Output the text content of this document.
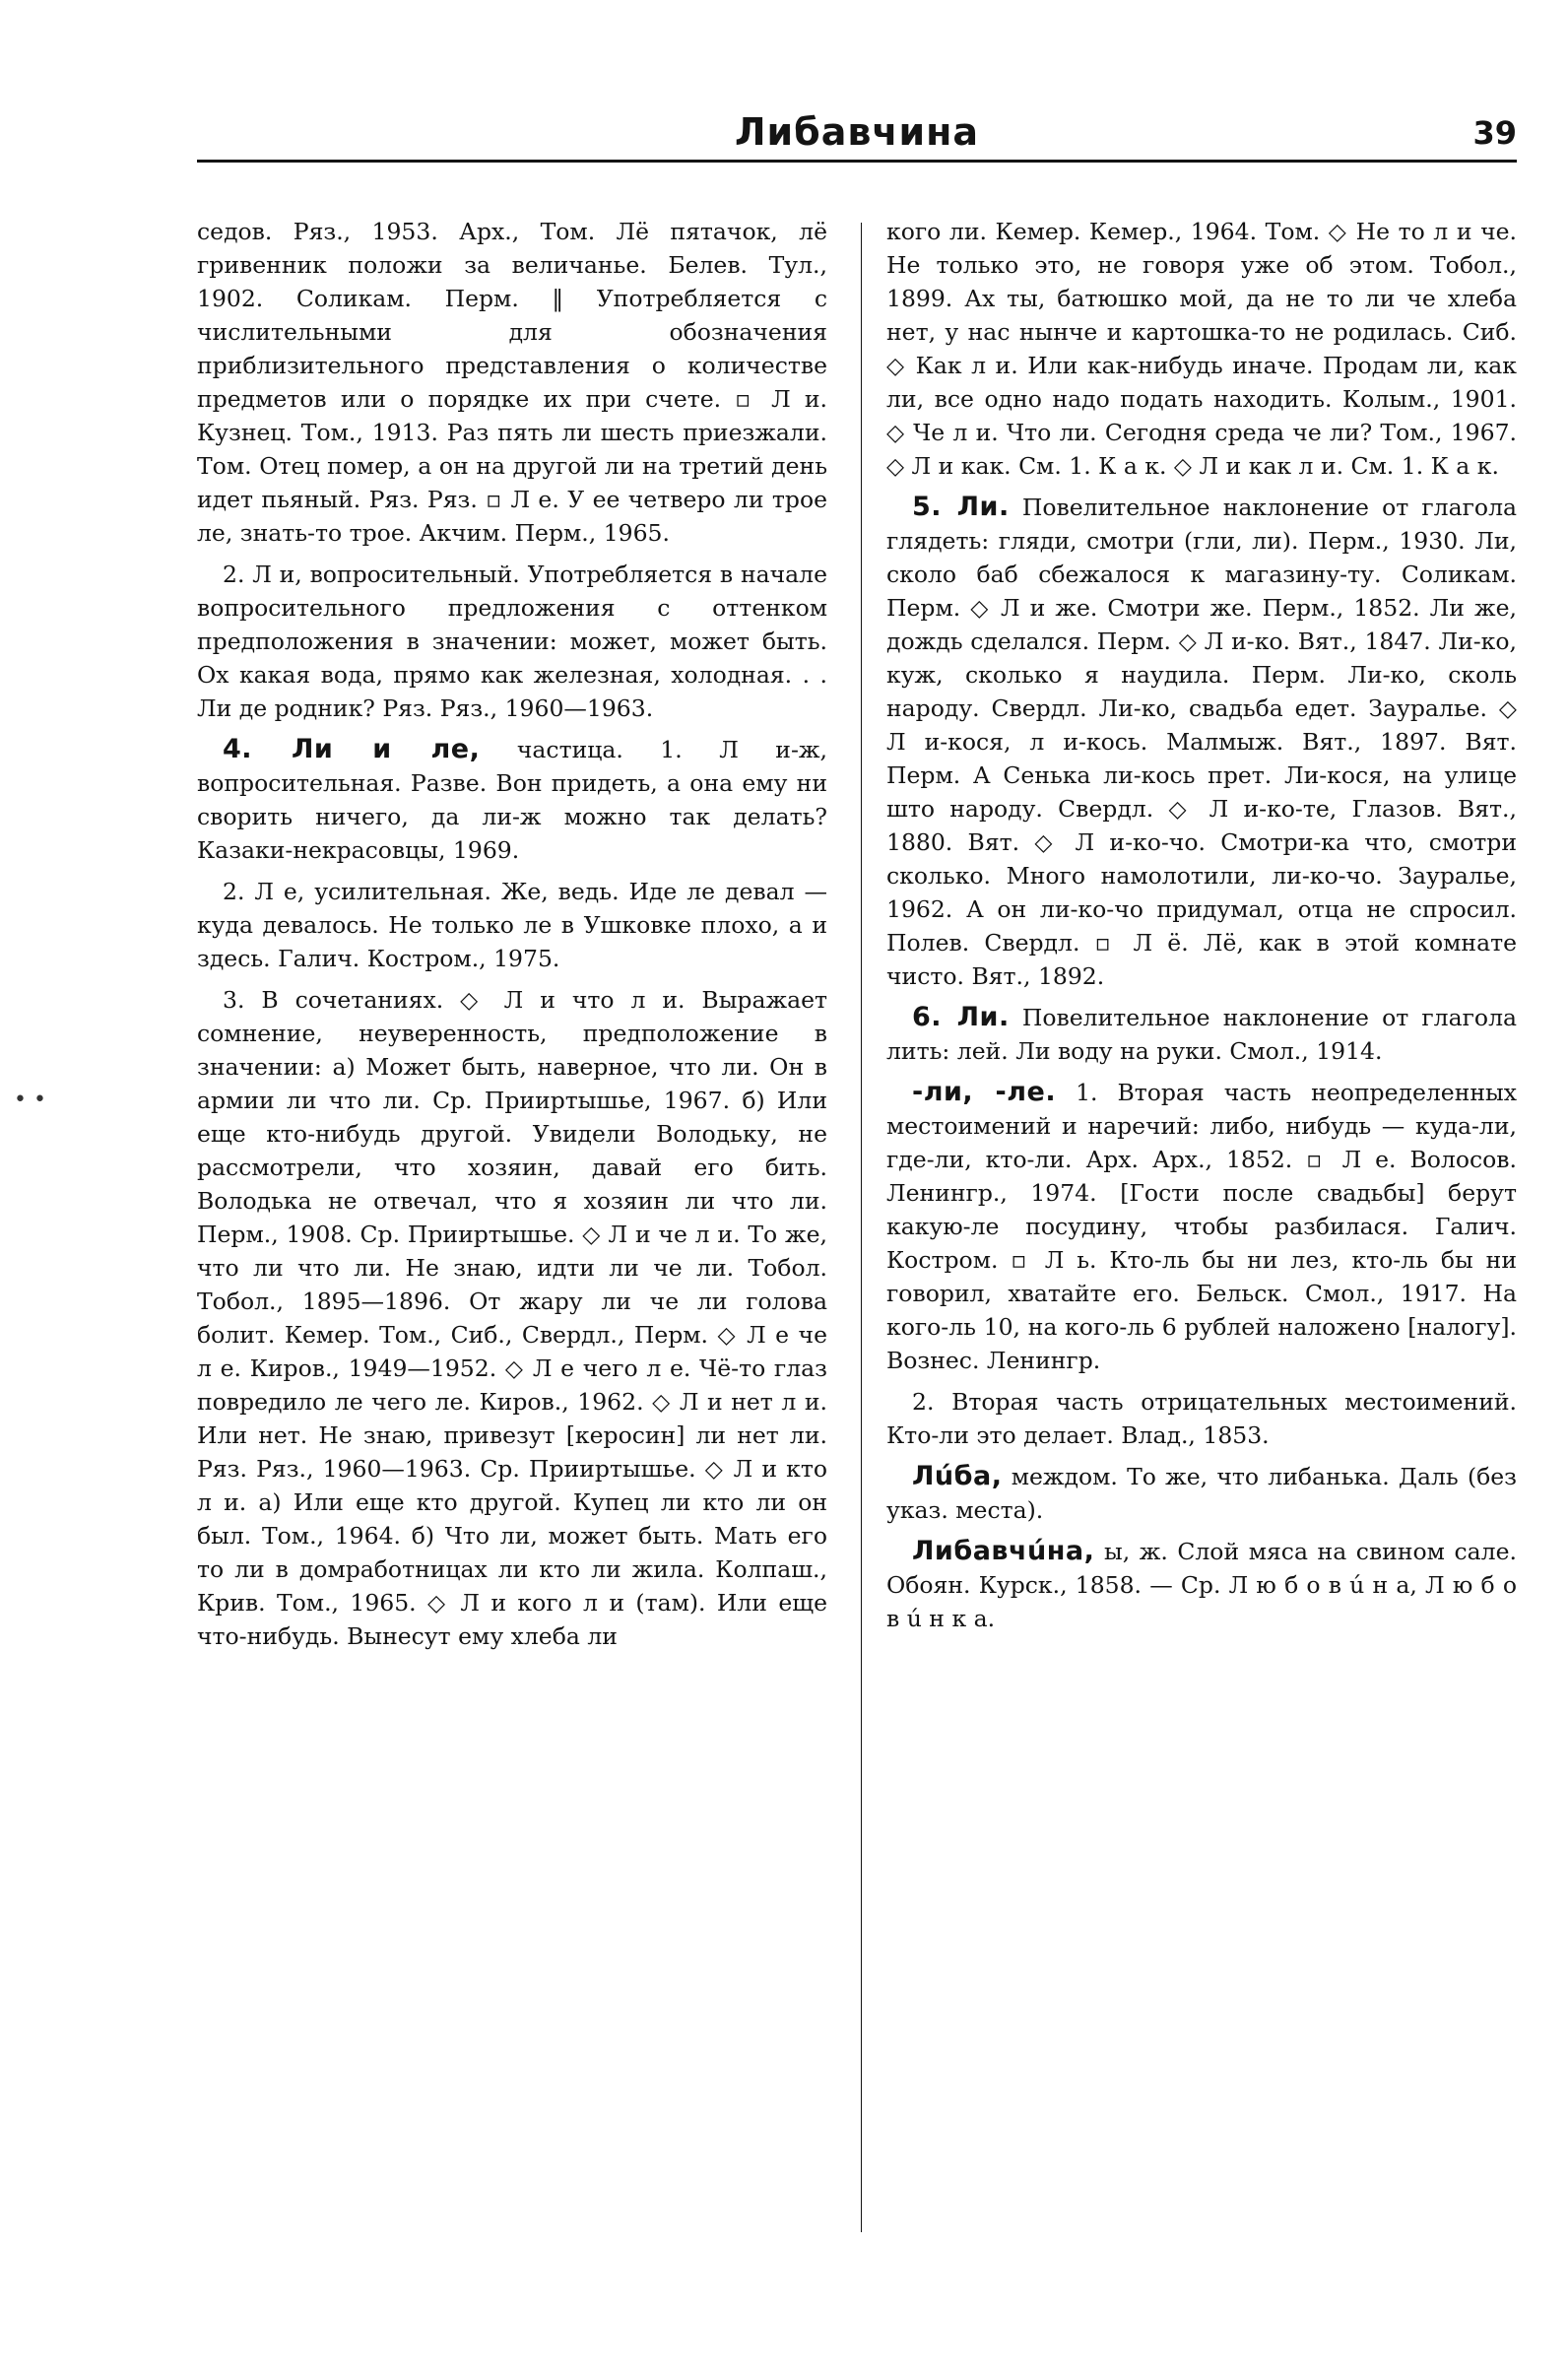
Либавчина	39
• •

седов. Ряз., 1953. Арх., Том. Лё пятачок, лё гривенник положи за величанье. Белев. Тул., 1902. Соликам. Перм. ‖ Употребляется с числительными для обозначения приблизительного представления о количестве предметов или о порядке их при счете. ▫ Л и. Кузнец. Том., 1913. Раз пять ли шесть приезжали. Том. Отец помер, а он на другой ли на третий день идет пьяный. Ряз. Ряз. ▫ Л е. У ее четверо ли трое ле, знать-то трое. Акчим. Перм., 1965.

2. Л и, вопросительный. Употребляется в начале вопросительного предложения с оттенком предположения в значении: может, может быть. Ох какая вода, прямо как железная, холодная. . . Ли де родник? Ряз. Ряз., 1960—1963.

4. Ли и ле, частица. 1. Л и-ж, вопросительная. Разве. Вон придеть, а она ему ни сворить ничего, да ли-ж можно так делать? Казаки-некрасовцы, 1969.

2. Л е, усилительная. Же, ведь. Иде ле девал — куда девалось. Не только ле в Ушковке плохо, а и здесь. Галич. Костром., 1975.

3. В сочетаниях. ◇ Л и что л и. Выражает сомнение, неуверенность, предположение в значении: а) Может быть, наверное, что ли. Он в армии ли что ли. Ср. Прииртышье, 1967. б) Или еще кто-нибудь другой. Увидели Володьку, не рассмотрели, что хозяин, давай его бить. Володька не отвечал, что я хозяин ли что ли. Перм., 1908. Ср. Прииртышье. ◇ Л и че л и. То же, что ли что ли. Не знаю, идти ли че ли. Тобол. Тобол., 1895—1896. От жару ли че ли голова болит. Кемер. Том., Сиб., Свердл., Перм. ◇ Л е че л е. Киров., 1949—1952. ◇ Л е чего л е. Чё-то глаз повредило ле чего ле. Киров., 1962. ◇ Л и нет л и. Или нет. Не знаю, привезут [керосин] ли нет ли. Ряз. Ряз., 1960—1963. Ср. Прииртышье. ◇ Л и кто л и. а) Или еще кто другой. Купец ли кто ли он был. Том., 1964. б) Что ли, может быть. Мать его то ли в домработницах ли кто ли жила. Колпаш., Крив. Том., 1965. ◇ Л и кого л и (там). Или еще что-нибудь. Вынесут ему хлеба ли

кого ли. Кемер. Кемер., 1964. Том. ◇ Не то л и че. Не только это, не говоря уже об этом. Тобол., 1899. Ах ты, батюшко мой, да не то ли че хлеба нет, у нас нынче и картошка-то не родилась. Сиб. ◇ Как л и. Или как-нибудь иначе. Продам ли, как ли, все одно надо подать находить. Колым., 1901. ◇ Че л и. Что ли. Сегодня среда че ли? Том., 1967. ◇ Л и как. См. 1. К а к. ◇ Л и как л и. См. 1. К а к.

5. Ли. Повелительное наклонение от глагола глядеть: гляди, смотри (гли, ли). Перм., 1930. Ли, сколо баб сбежалося к магазину-ту. Соликам. Перм. ◇ Л и же. Смотри же. Перм., 1852. Ли же, дождь сделался. Перм. ◇ Л и-ко. Вят., 1847. Ли-ко, куж, сколько я наудила. Перм. Ли-ко, сколь народу. Свердл. Ли-ко, свадьба едет. Зауралье. ◇ Л и-кося, л и-кось. Малмыж. Вят., 1897. Вят. Перм. А Сенька ли-кось прет. Ли-кося, на улице што народу. Свердл. ◇ Л и-ко-те, Глазов. Вят., 1880. Вят. ◇ Л и-ко-чо. Смотри-ка что, смотри сколько. Много намолотили, ли-ко-чо. Зауралье, 1962. А он ли-ко-чо придумал, отца не спросил. Полев. Свердл. ▫ Л ё. Лё, как в этой комнате чисто. Вят., 1892.

6. Ли. Повелительное наклонение от глагола лить: лей. Ли воду на руки. Смол., 1914.

-ли, -ле. 1. Вторая часть неопределенных местоимений и наречий: либо, нибудь — куда-ли, где-ли, кто-ли. Арх. Арх., 1852. ▫ Л е. Волосов. Ленингр., 1974. [Гости после свадьбы] берут какую-ле посудину, чтобы разбилася. Галич. Костром. ▫ Л ь. Кто-ль бы ни лез, кто-ль бы ни говорил, хватайте его. Бельск. Смол., 1917. На кого-ль 10, на кого-ль 6 рублей наложено [налогу]. Вознес. Ленингр.

2. Вторая часть отрицательных местоимений. Кто-ли это делает. Влад., 1853.

Лúба, междом. То же, что либанька. Даль (без указ. места).

Либавчúна, ы, ж. Слой мяса на свином сале. Обоян. Курск., 1858. — Ср. Л ю б о в ú н а, Л ю б о в ú н к а.
